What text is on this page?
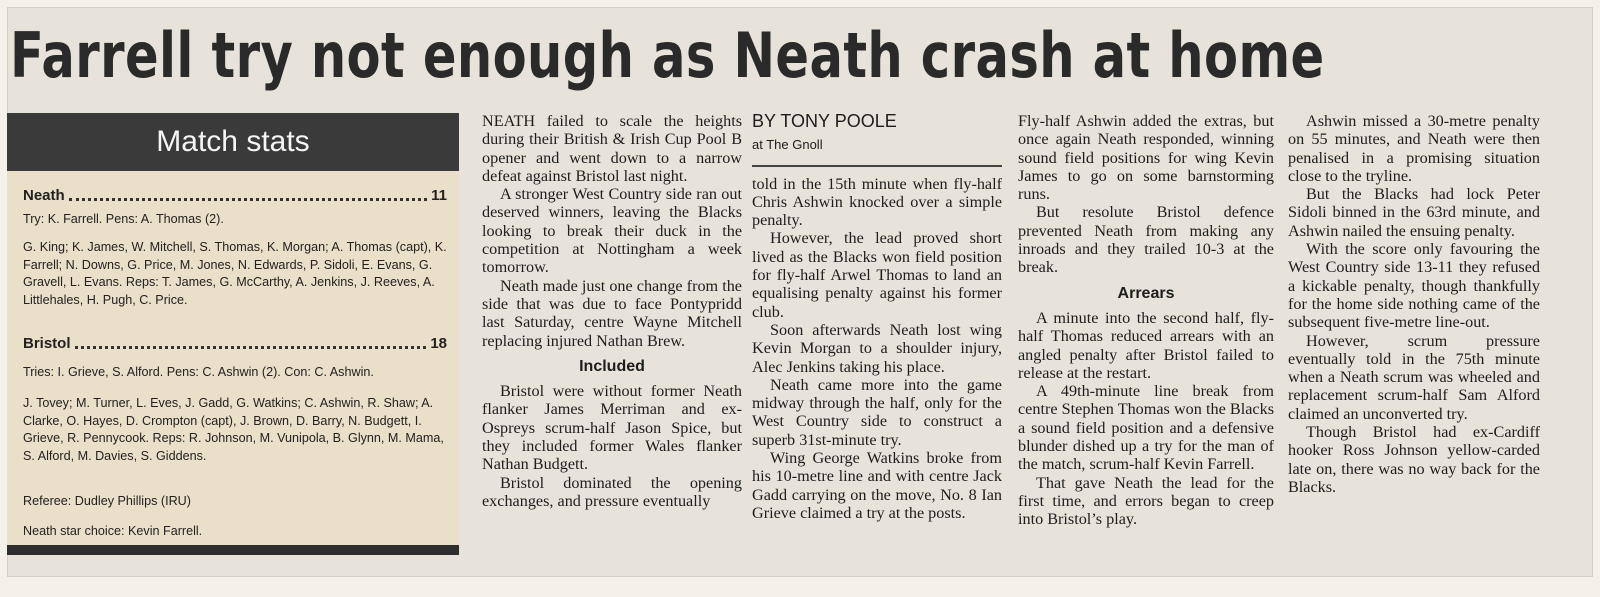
Farrell try not enough as Neath crash at home
Match stats
Neath	11
Try: K. Farrell. Pens: A. Thomas (2).
G. King; K. James, W. Mitchell, S. Thomas, K. Morgan; A. Thomas (capt), K. Farrell; N. Downs, G. Price, M. Jones, N. Edwards, P. Sidoli, E. Evans, G. Gravell, L. Evans. Reps: T. James, G. McCarthy, A. Jenkins, J. Reeves, A. Littlehales, H. Pugh, C. Price.
Bristol	18
Tries: I. Grieve, S. Alford. Pens: C. Ashwin (2). Con: C. Ashwin.
J. Tovey; M. Turner, L. Eves, J. Gadd, G. Watkins; C. Ashwin, R. Shaw; A. Clarke, O. Hayes, D. Crompton (capt), J. Brown, D. Barry, N. Budgett, I. Grieve, R. Pennycook. Reps: R. Johnson, M. Vunipola, B. Glynn, M. Mama, S. Alford, M. Davies, S. Giddens.
Referee: Dudley Phillips (IRU)
Neath star choice: Kevin Farrell.

NEATH failed to scale the heights during their British & Irish Cup Pool B opener and went down to a narrow defeat against Bristol last night.

A stronger West Country side ran out deserved winners, leaving the Blacks looking to break their duck in the competition at Nottingham a week tomorrow.

Neath made just one change from the side that was due to face Pontypridd last Saturday, centre Wayne Mitchell replacing injured Nathan Brew.

Included

Bristol were without former Neath flanker James Merriman and ex-Ospreys scrum-half Jason Spice, but they included former Wales flanker Nathan Budgett.

Bristol dominated the opening exchanges, and pressure eventually

BY TONY POOLE
at The Gnoll

told in the 15th minute when fly-half Chris Ashwin knocked over a simple penalty.

However, the lead proved short lived as the Blacks won field position for fly-half Arwel Thomas to land an equalising penalty against his former club.

Soon afterwards Neath lost wing Kevin Morgan to a shoulder injury, Alec Jenkins taking his place.

Neath came more into the game midway through the half, only for the West Country side to construct a superb 31st-minute try.

Wing George Watkins broke from his 10-metre line and with centre Jack Gadd carrying on the move, No. 8 Ian Grieve claimed a try at the posts.

Fly-half Ashwin added the extras, but once again Neath responded, winning sound field positions for wing Kevin James to go on some barnstorming runs.

But resolute Bristol defence prevented Neath from making any inroads and they trailed 10-3 at the break.

Arrears

A minute into the second half, fly-half Thomas reduced arrears with an angled penalty after Bristol failed to release at the restart.

A 49th-minute line break from centre Stephen Thomas won the Blacks a sound field position and a defensive blunder dished up a try for the man of the match, scrum-half Kevin Farrell.

That gave Neath the lead for the first time, and errors began to creep into Bristol’s play.

Ashwin missed a 30-metre penalty on 55 minutes, and Neath were then penalised in a promising situation close to the tryline.

But the Blacks had lock Peter Sidoli binned in the 63rd minute, and Ashwin nailed the ensuing penalty.

With the score only favouring the West Country side 13-11 they refused a kickable penalty, though thankfully for the home side nothing came of the subsequent five-metre line-out.

However, scrum pressure eventually told in the 75th minute when a Neath scrum was wheeled and replacement scrum-half Sam Alford claimed an unconverted try.

Though Bristol had ex-Cardiff hooker Ross Johnson yellow-carded late on, there was no way back for the Blacks.
